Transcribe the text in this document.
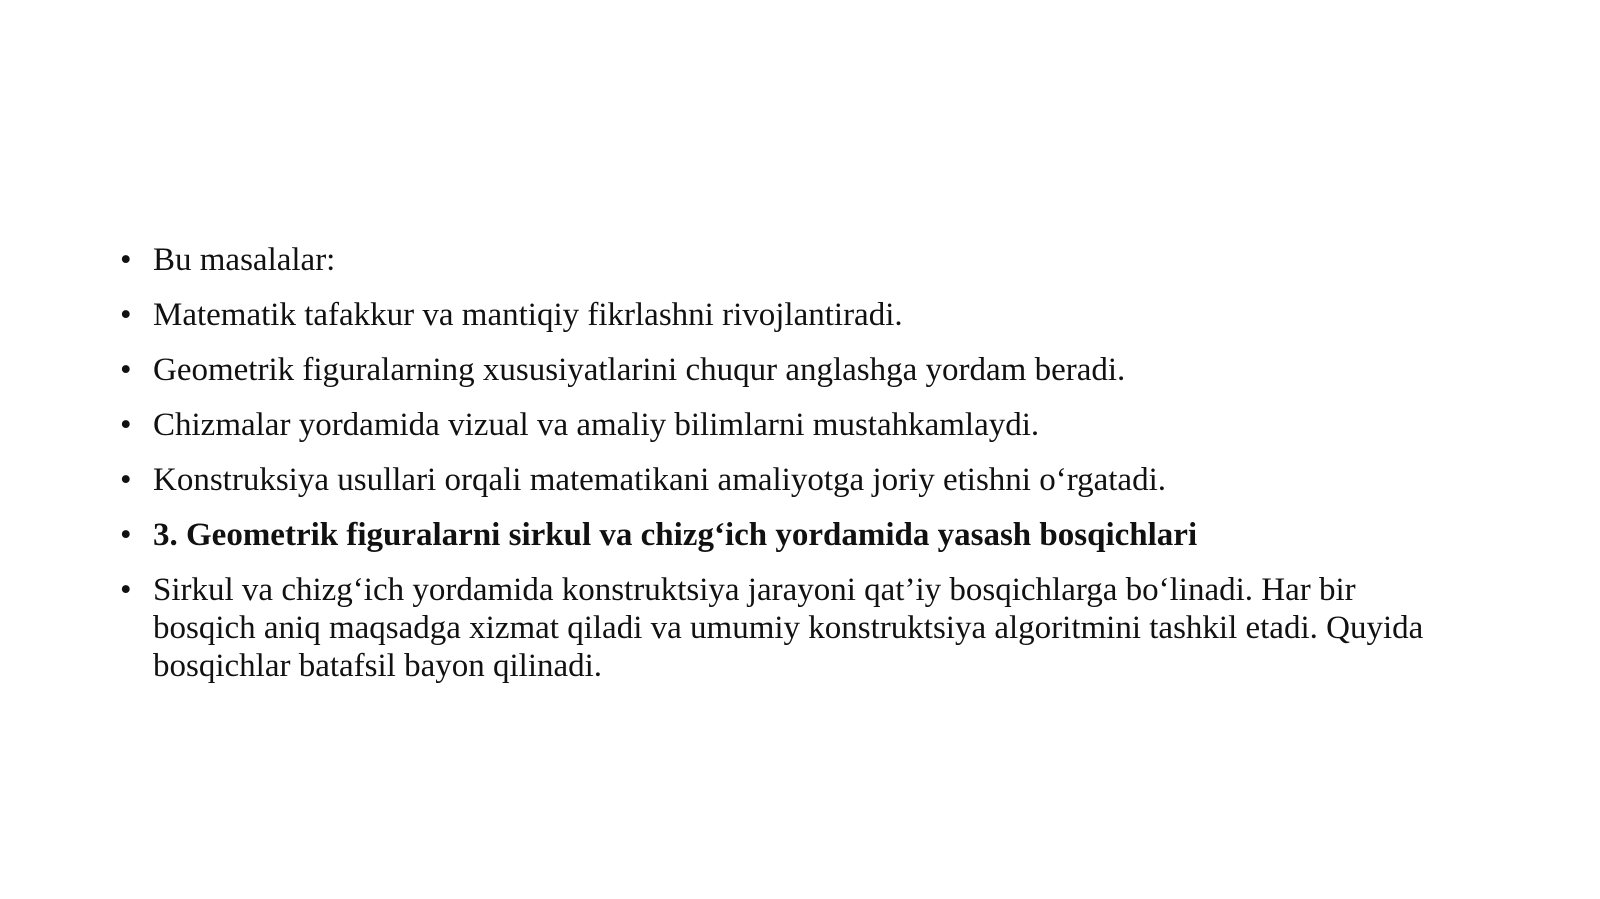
• Bu masalalar:
• Matematik tafakkur va mantiqiy fikrlashni rivojlantiradi.
• Geometrik figuralarning xususiyatlarini chuqur anglashga yordam beradi.
• Chizmalar yordamida vizual va amaliy bilimlarni mustahkamlaydi.
• Konstruksiya usullari orqali matematikani amaliyotga joriy etishni o‘rgatadi.
• 3. Geometrik figuralarni sirkul va chizg‘ich yordamida yasash bosqichlari
• Sirkul va chizg‘ich yordamida konstruktsiya jarayoni qat’iy bosqichlarga bo‘linadi. Har bir bosqich aniq maqsadga xizmat qiladi va umumiy konstruktsiya algoritmini tashkil etadi. Quyida bosqichlar batafsil bayon qilinadi.
